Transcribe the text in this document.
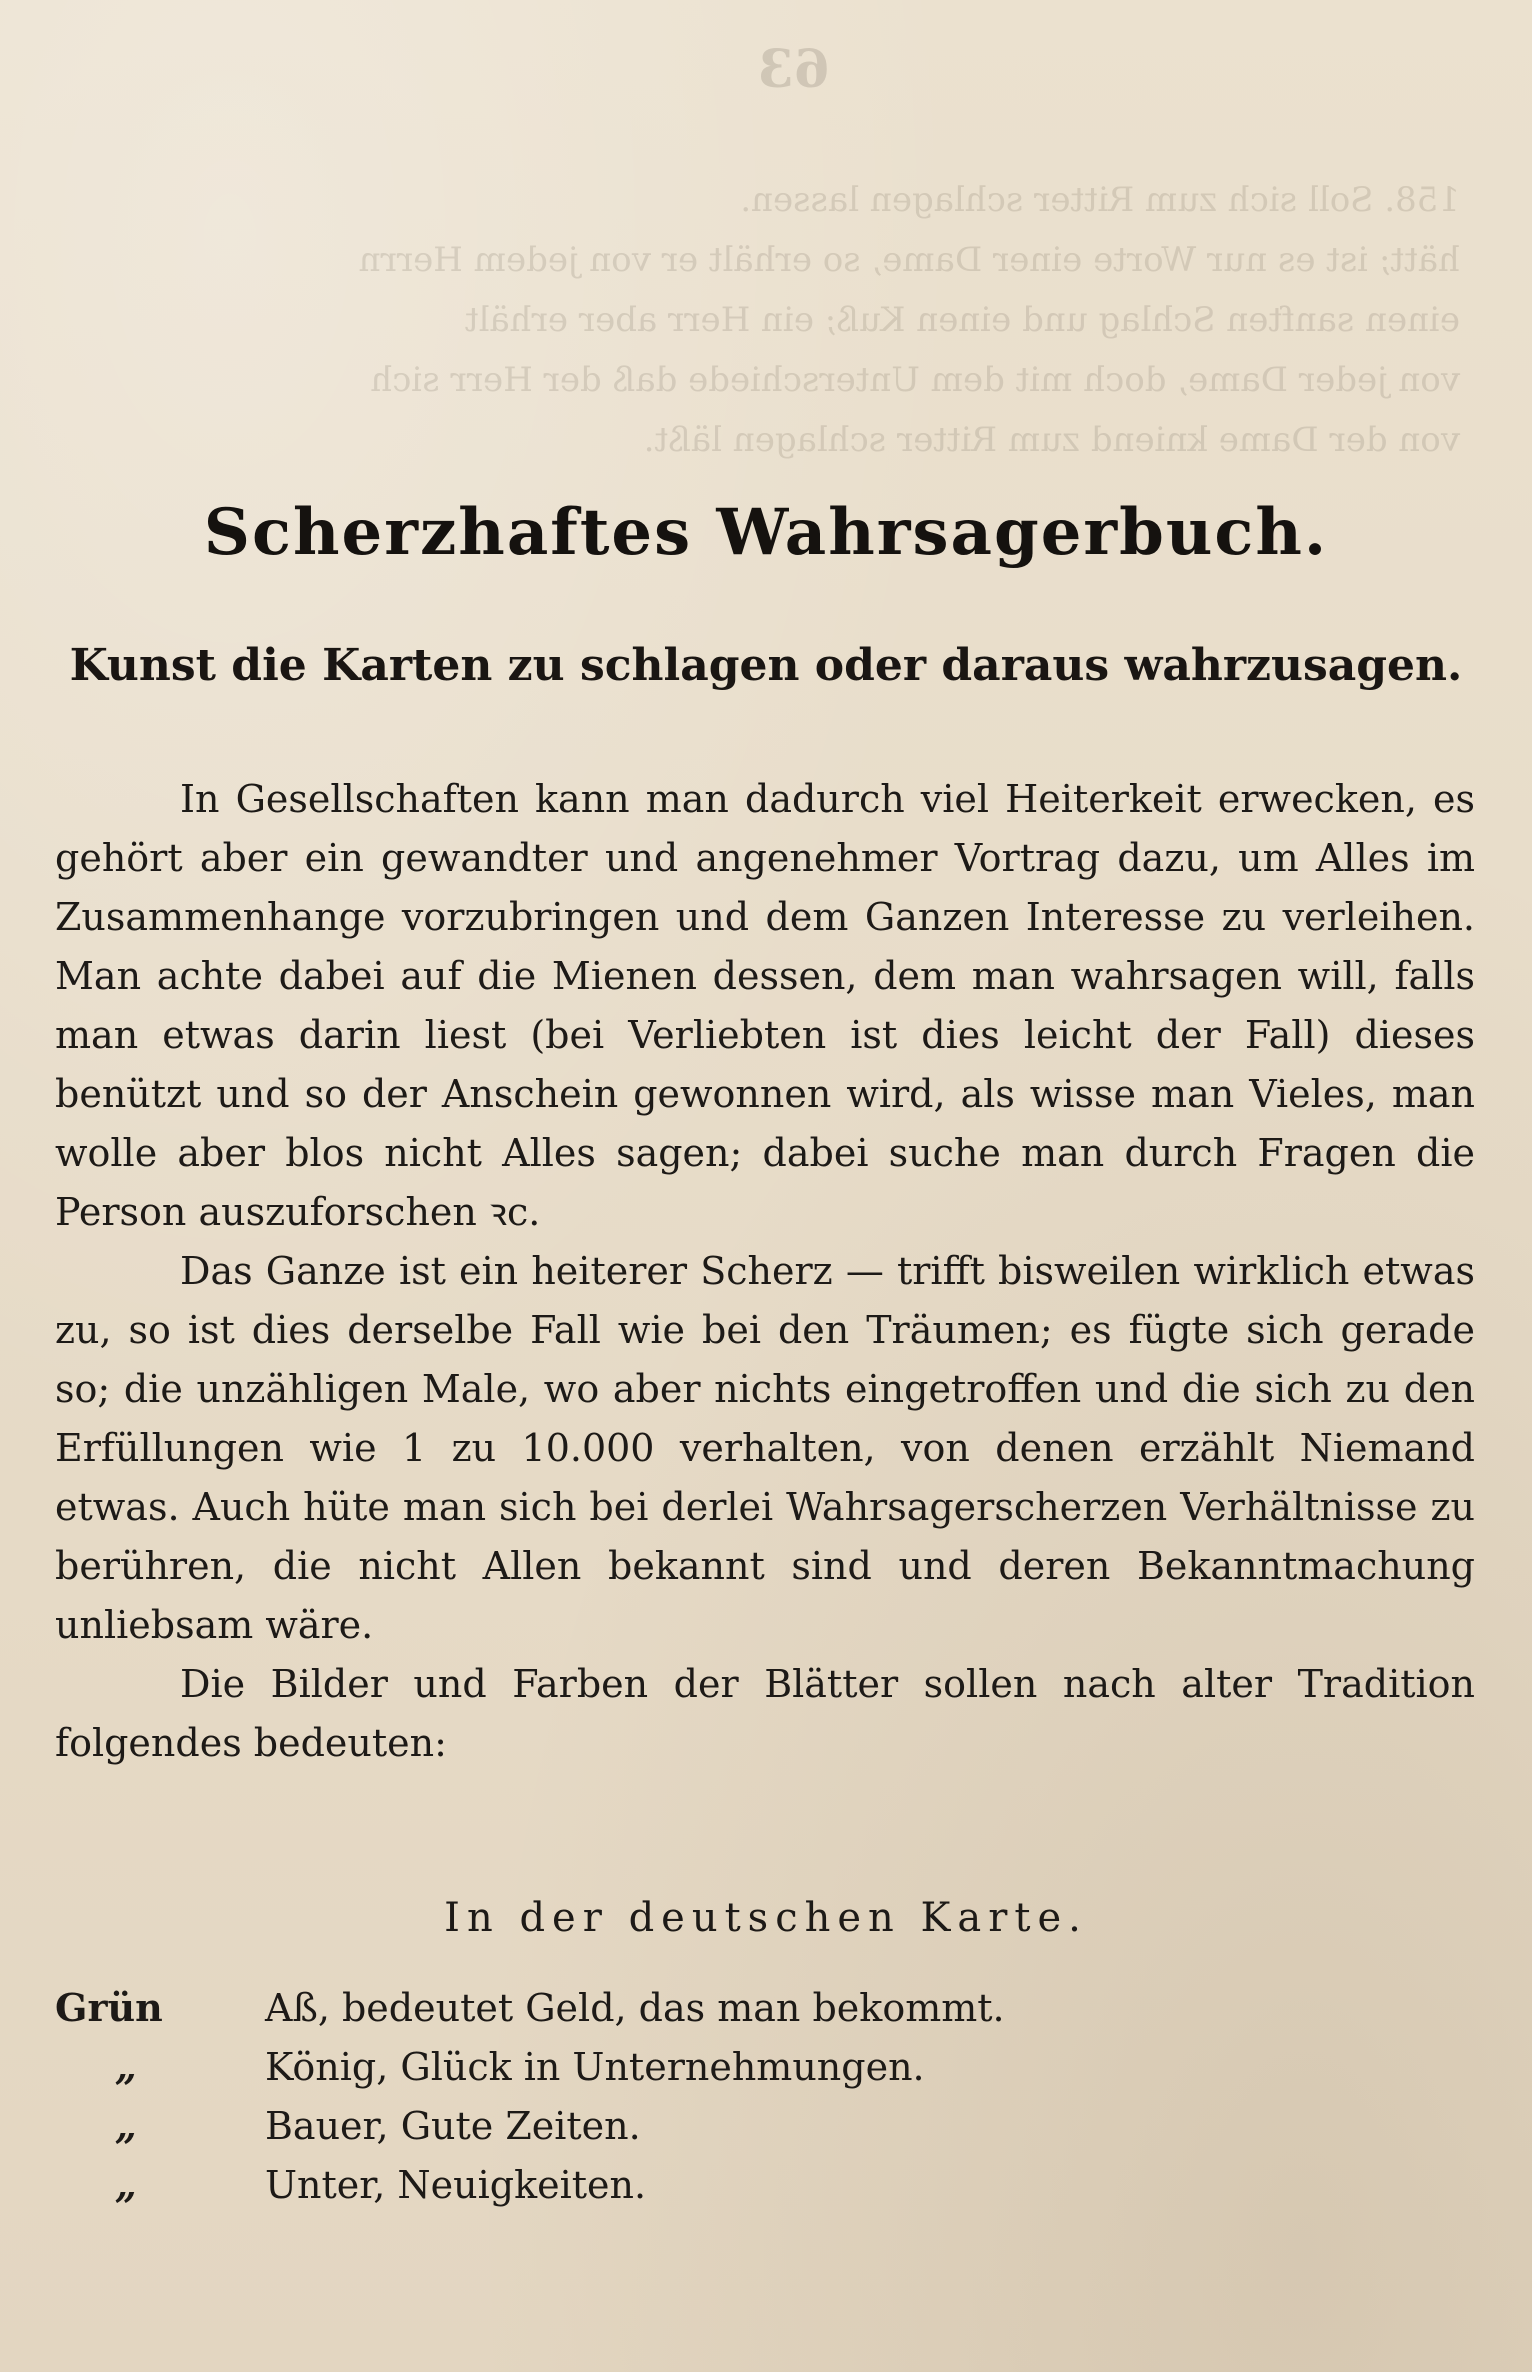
63
158. Soll sich zum Ritter schlagen lassen.
hätt; ist es nur Worte einer Dame, so erhält er von jedem Herrn
einen sanften Schlag und einen Kuß; ein Herr aber erhält
von jeder Dame, doch mit dem Unterschiede daß der Herr sich
von der Dame kniend zum Ritter schlagen läßt.
Scherzhaftes Wahrsagerbuch.
Kunst die Karten zu schlagen oder daraus wahrzusagen.

In Gesellschaften kann man dadurch viel Heiterkeit erwecken, es gehört aber ein gewandter und angenehmer Vortrag dazu, um Alles im Zusammenhange vorzubringen und dem Ganzen Interesse zu verleihen. Man achte dabei auf die Mienen dessen, dem man wahrsagen will, falls man etwas darin liest (bei Verliebten ist dies leicht der Fall) dieses benützt und so der Anschein gewonnen wird, als wisse man Vieles, man wolle aber blos nicht Alles sagen; dabei suche man durch Fragen die Person auszuforschen ꝛc.

Das Ganze ist ein heiterer Scherz — trifft bisweilen wirklich etwas zu, so ist dies derselbe Fall wie bei den Träumen; es fügte sich gerade so; die unzähligen Male, wo aber nichts eingetroffen und die sich zu den Erfüllungen wie 1 zu 10.000 verhalten, von denen erzählt Niemand etwas. Auch hüte man sich bei derlei Wahrsagerscherzen Verhältnisse zu berühren, die nicht Allen bekannt sind und deren Bekanntmachung unliebsam wäre.

Die Bilder und Farben der Blätter sollen nach alter Tradition folgendes bedeuten:

In der deutschen Karte.
Grün	Aß, bedeutet Geld, das man bekommt.
„	König, Glück in Unternehmungen.
„	Bauer, Gute Zeiten.
„	Unter, Neuigkeiten.
